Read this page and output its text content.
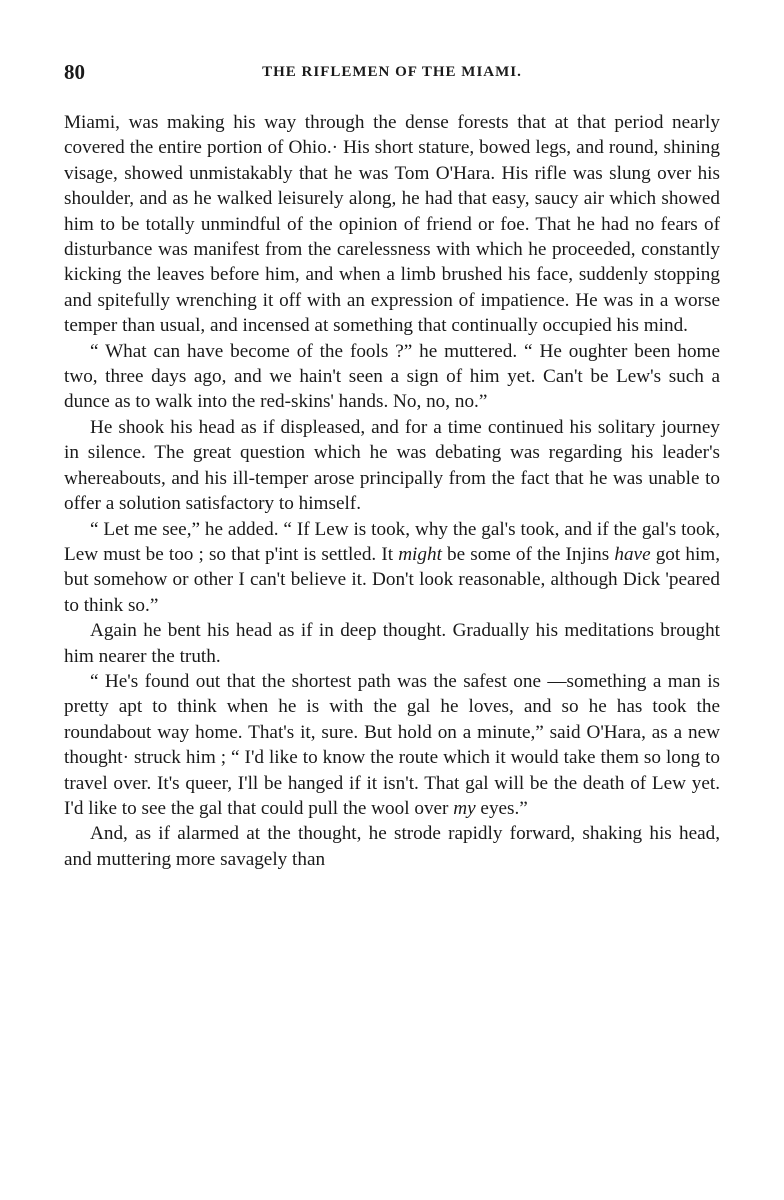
80	THE RIFLEMEN OF THE MIAMI.

Miami, was making his way through the dense forests that at that period nearly covered the entire portion of Ohio.· His short stature, bowed legs, and round, shining visage, showed unmistakably that he was Tom O'Hara. His rifle was slung over his shoulder, and as he walked leisurely along, he had that easy, saucy air which showed him to be totally unmindful of the opinion of friend or foe. That he had no fears of disturbance was manifest from the carelessness with which he proceeded, constantly kicking the leaves before him, and when a limb brushed his face, suddenly stopping and spitefully wrenching it off with an expression of impatience. He was in a worse temper than usual, and incensed at something that continually occupied his mind.

“ What can have become of the fools ?” he muttered. “ He oughter been home two, three days ago, and we hain't seen a sign of him yet. Can't be Lew's such a dunce as to walk into the red-skins' hands. No, no, no.”

He shook his head as if displeased, and for a time continued his solitary journey in silence. The great question which he was debating was regarding his leader's whereabouts, and his ill-temper arose principally from the fact that he was unable to offer a solution satisfactory to himself.

“ Let me see,” he added. “ If Lew is took, why the gal's took, and if the gal's took, Lew must be too ; so that p'int is settled. It might be some of the Injins have got him, but somehow or other I can't believe it. Don't look reasonable, although Dick 'peared to think so.”

Again he bent his head as if in deep thought. Gradually his meditations brought him nearer the truth.

“ He's found out that the shortest path was the safest one —something a man is pretty apt to think when he is with the gal he loves, and so he has took the roundabout way home. That's it, sure. But hold on a minute,” said O'Hara, as a new thought· struck him ; “ I'd like to know the route which it would take them so long to travel over. It's queer, I'll be hanged if it isn't. That gal will be the death of Lew yet. I'd like to see the gal that could pull the wool over my eyes.”

And, as if alarmed at the thought, he strode rapidly forward, shaking his head, and muttering more savagely than
